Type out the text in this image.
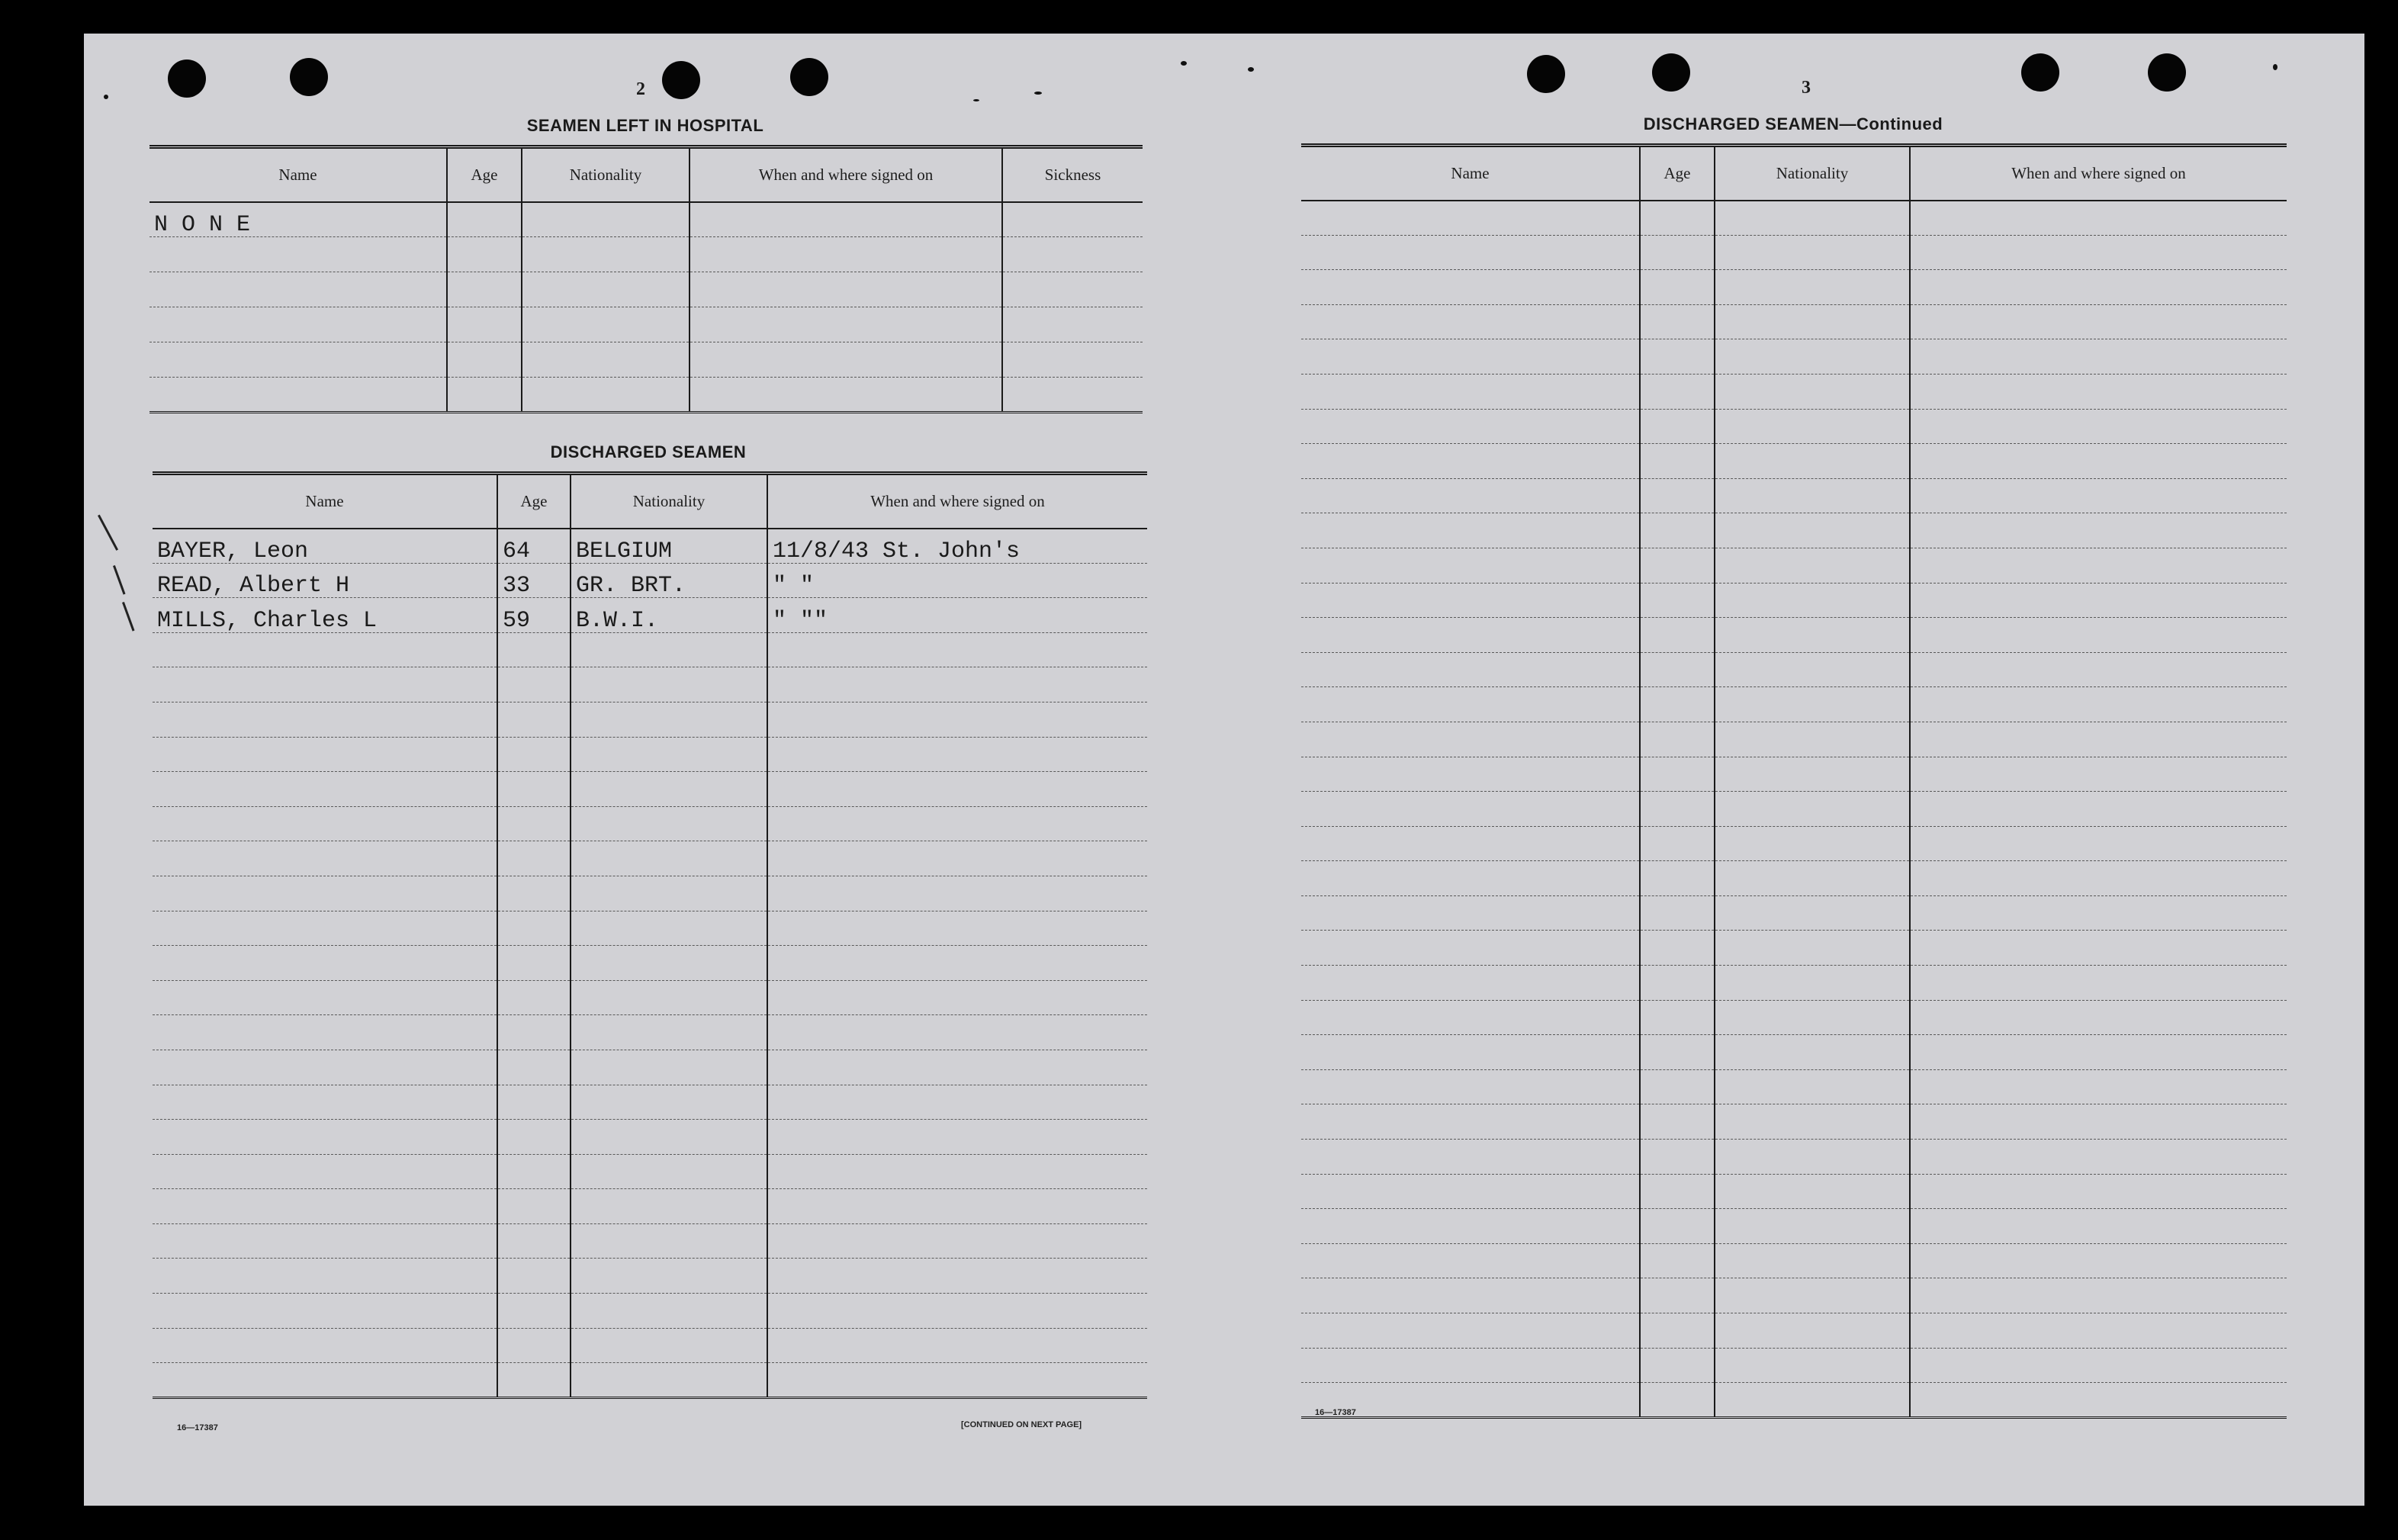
2
SEAMEN LEFT IN HOSPITAL
Name	Age	Nationality	When and where signed on	Sickness
N O N E				

DISCHARGED SEAMEN
Name	Age	Nationality	When and where signed on
BAYER, Leon	64	BELGIUM	11/8/43 St. John's
READ, Albert H	33	GR. BRT.	" "
MILLS, Charles L	59	B.W.I.	" ""

16—17387	[CONTINUED ON NEXT PAGE]
3
DISCHARGED SEAMEN—Continued
Name	Age	Nationality	When and where signed on

16—17387
